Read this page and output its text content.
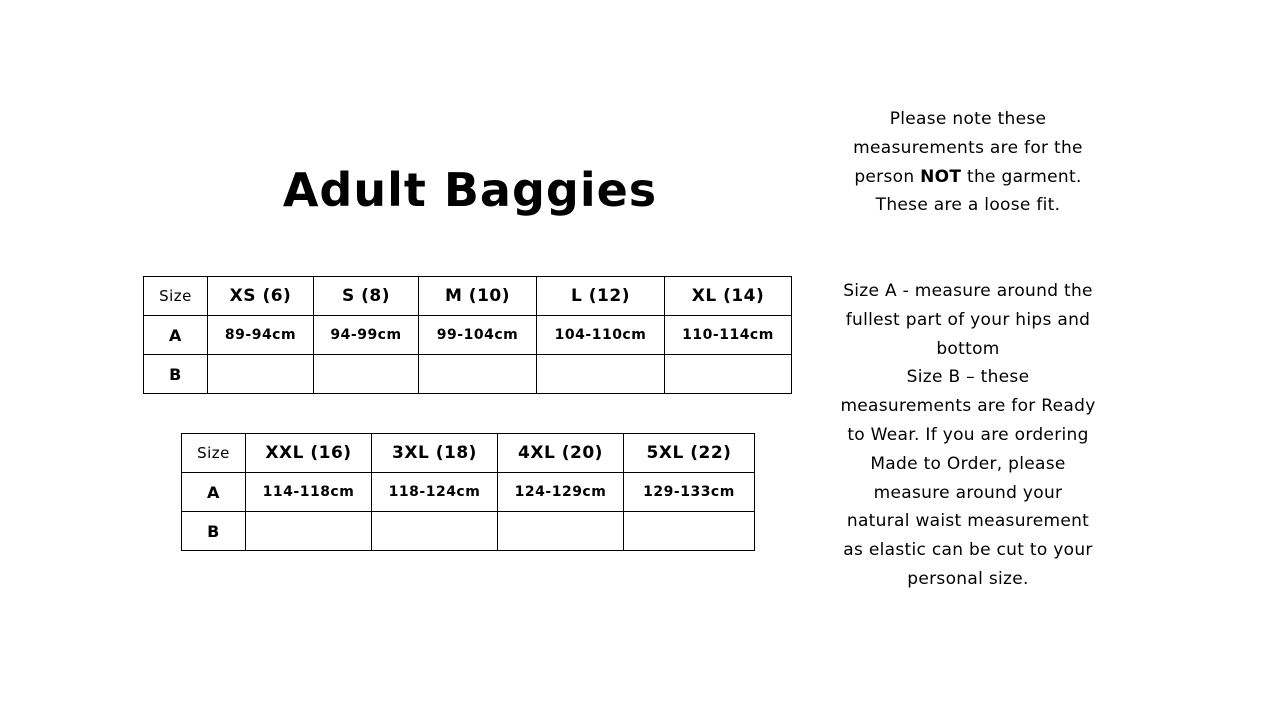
Adult Baggies
Size	XS (6)	S (8)	M (10)	L (12)	XL (14)
A	89-94cm	94-99cm	99-104cm	104-110cm	110-114cm
B					
Size	XXL (16)	3XL (18)	4XL (20)	5XL (22)
A	114-118cm	118-124cm	124-129cm	129-133cm
B				
Please note these measurements are for the person NOT the garment. These are a loose fit.
Size A - measure around the fullest part of your hips and bottom
Size B – these measurements are for Ready to Wear. If you are ordering Made to Order, please measure around your natural waist measurement as elastic can be cut to your personal size.
